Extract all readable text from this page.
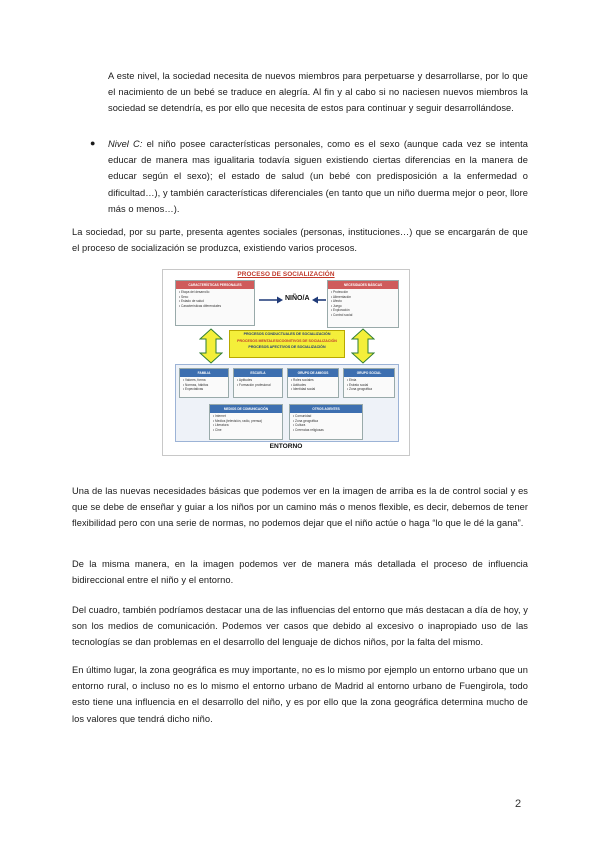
A este nivel, la sociedad necesita de nuevos miembros para perpetuarse y desarrollarse, por lo que el nacimiento de un bebé se traduce en alegría. Al fin y al cabo si no naciesen nuevos miembros la sociedad se detendría, es por ello que necesita de estos para continuar y seguir desarrollándose.

● Nivel C: el niño posee características personales, como es el sexo (aunque cada vez se intenta educar de manera mas igualitaria todavía siguen existiendo ciertas diferencias en la manera de educar según el sexo); el estado de salud (un bebé con predisposición a la enfermedad o dificultad…), y también características diferenciales (en tanto que un niño duerma mejor o peor, llore más o menos…).

La sociedad, por su parte, presenta agentes sociales (personas, instituciones…) que se encargarán de que el proceso de socialización se produzca, existiendo varios procesos.

PROCESO DE SOCIALIZACIÓN
CARACTERÍSTICAS PERSONALES
• Etapa del desarrollo
• Sexo
• Estado de salud
• Características diferenciales
NIÑO/A
NECESIDADES BÁSICAS
• Protección
• Alimentación
• Afecto
• Juego
• Exploración
• Control social
PROCESOS CONDUCTUALES DE SOCIALIZACIÓN
PROCESOS MENTALES/COGNITIVOS DE SOCIALIZACIÓN
PROCESOS AFECTIVOS DE SOCIALIZACIÓN
FAMILIA
• Valores, forma
• Normas, hábitos
• Expectativas
ESCUELA
• Aptitudes
• Formación profesional
GRUPO DE AMIGOS
• Roles sociales
• Actitudes
• Identidad social
GRUPO SOCIAL
• Etnia
• Estrato social
• Zona geográfica
MEDIOS DE COMUNICACIÓN
• Internet
• Medios (televisión, radio, prensa)
• Literatura
• Cine
OTROS AGENTES
• Comunidad
• Zona geográfica
• Cultura
• Creencias religiosas
ENTORNO

Una de las nuevas necesidades básicas que podemos ver en la imagen de arriba es la de control social y es que se debe de enseñar y guiar a los niños por un camino más o menos flexible, es decir, debemos de tener flexibilidad pero con una serie de normas, no podemos dejar que el niño actúe o haga “lo que le dé la gana”.

De la misma manera, en la imagen podemos ver de manera más detallada el proceso de influencia bidireccional entre el niño y el entorno.

Del cuadro, también podríamos destacar una de las influencias del entorno que más destacan a día de hoy, y son los medios de comunicación. Podemos ver casos que debido al excesivo o inapropiado uso de las tecnologías se dan problemas en el desarrollo del lenguaje de dichos niños, por la falta del mismo.

En último lugar, la zona geográfica es muy importante, no es lo mismo por ejemplo un entorno urbano que un entorno rural, o incluso no es lo mismo el entorno urbano de Madrid al entorno urbano de Fuengirola, todo esto tiene una influencia en el desarrollo del niño, y es por ello que la zona geográfica determina mucho de los valores que tendrá dicho niño.

2
